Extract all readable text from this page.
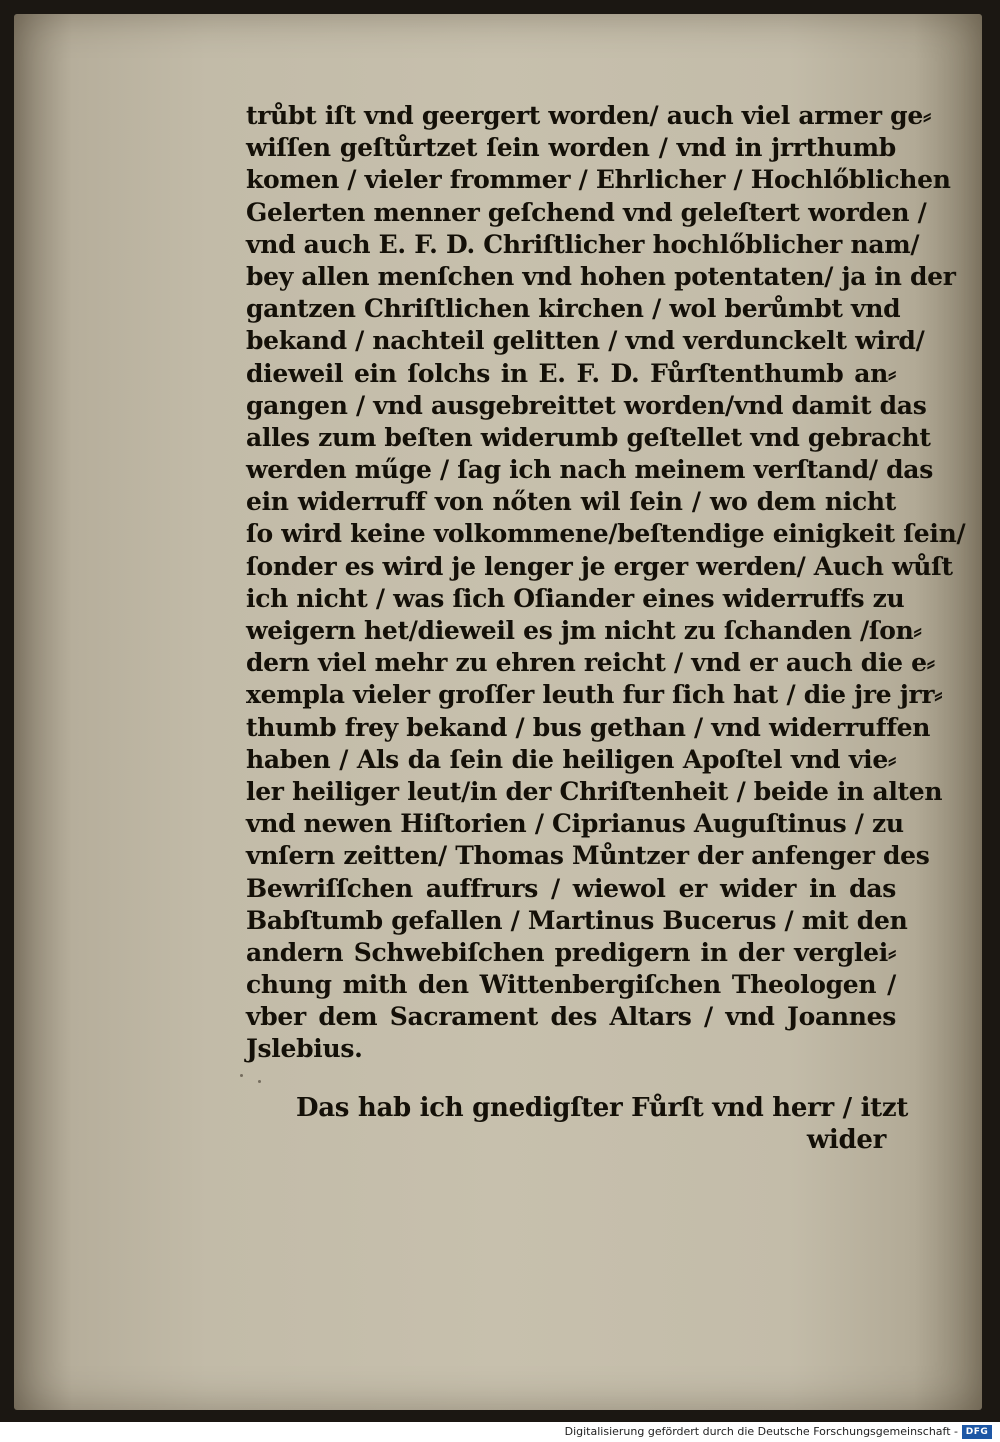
trůbt iſt vnd geergert worden/ auch viel armer ge⸗
wiſſen geſtůrtzet ſein worden / vnd in jrrthumb
komen / vieler frommer / Ehrlicher / Hochlőblichen
Gelerten menner geſchend vnd geleſtert worden /
vnd auch E. F. D. Chriſtlicher hochlőblicher nam/
bey allen menſchen vnd hohen potentaten/ ja in der
gantzen Chriſtlichen kirchen / wol berůmbt vnd
bekand / nachteil gelitten / vnd verdunckelt wird/
dieweil ein ſolchs in E. F. D. Fůrſtenthumb an⸗
gangen / vnd ausgebreittet worden/vnd damit das
alles zum beſten widerumb geſtellet vnd gebracht
werden műge / ſag ich nach meinem verſtand/ das
ein widerruff von nőten wil ſein / wo dem nicht
ſo wird keine volkommene/beſtendige einigkeit ſein/
ſonder es wird je lenger je erger werden/ Auch wůſt
ich nicht / was ſich Oſiander eines widerruffs zu
weigern het/dieweil es jm nicht zu ſchanden /ſon⸗
dern viel mehr zu ehren reicht / vnd er auch die e⸗
xempla vieler groſſer leuth fur ſich hat / die jre jrr⸗
thumb frey bekand / bus gethan / vnd widerruffen
haben / Als da ſein die heiligen Apoſtel vnd vie⸗
ler heiliger leut/in der Chriſtenheit / beide in alten
vnd newen Hiſtorien / Ciprianus Auguſtinus / zu
vnſern zeitten/ Thomas Můntzer der anfenger des
Bewriſſchen auffrurs / wiewol er wider in das
Babſtumb gefallen / Martinus Bucerus / mit den
andern Schwebiſchen predigern in der verglei⸗
chung mith den Wittenbergiſchen Theologen /
vber dem Sacrament des Altars / vnd Joannes
Jslebius.
Das hab ich gnedigſter Fůrſt vnd herr / itzt
wider
Digitalisierung gefördert durch die Deutsche Forschungsgemeinschaft - DFG
